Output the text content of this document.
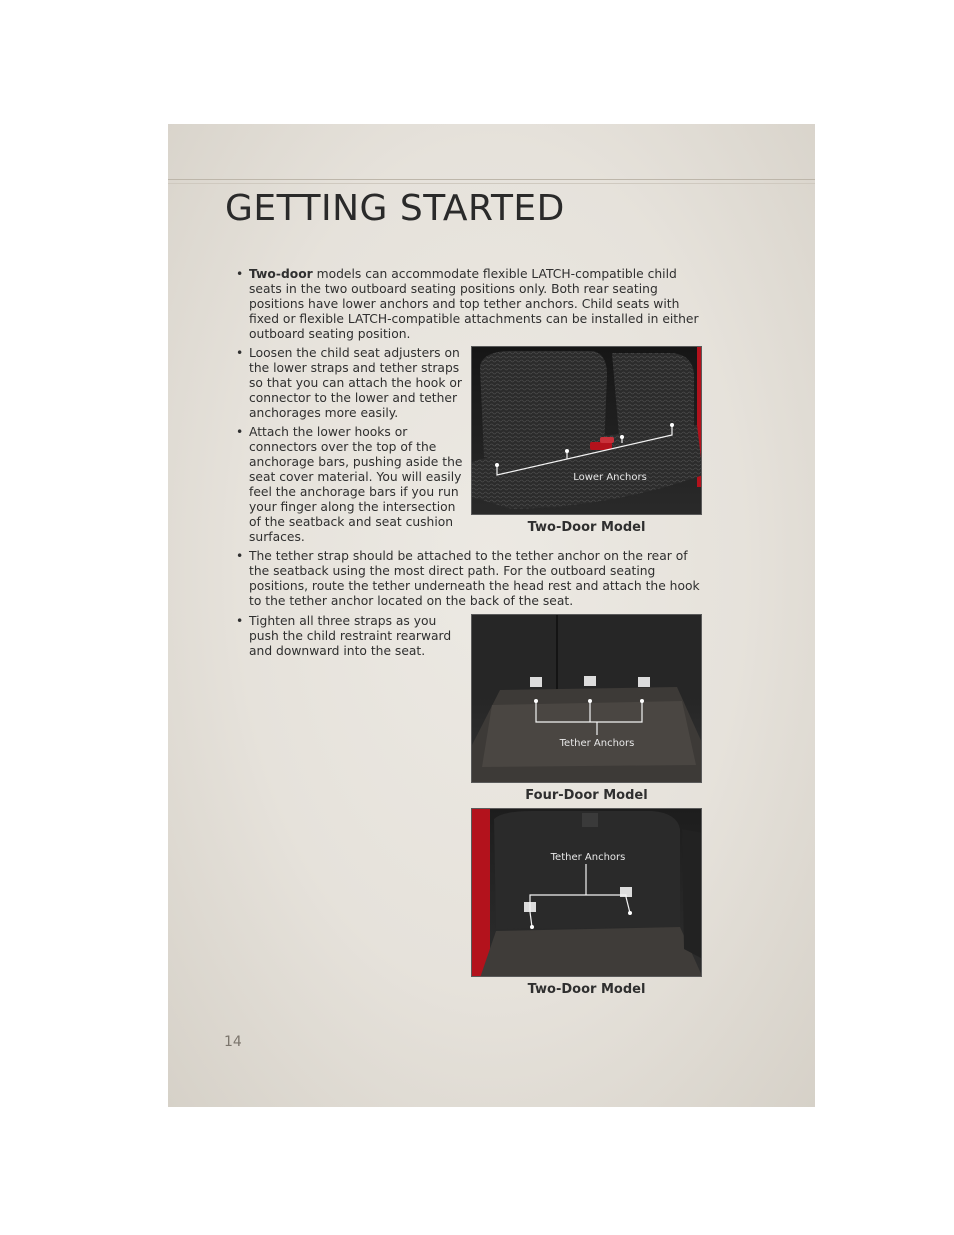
GETTING STARTED
• Two-door models can accommodate flexible LATCH-compatible child
seats in the two outboard seating positions only. Both rear seating
positions have lower anchors and top tether anchors. Child seats with
fixed or flexible LATCH-compatible attachments can be installed in either
outboard seating position.
• Loosen the child seat adjusters on
the lower straps and tether straps
so that you can attach the hook or
connector to the lower and tether
anchorages more easily.
• Attach the lower hooks or
connectors over the top of the
anchorage bars, pushing aside the
seat cover material. You will easily
feel the anchorage bars if you run
your finger along the intersection
of the seatback and seat cushion
surfaces.
• The tether strap should be attached to the tether anchor on the rear of
the seatback using the most direct path. For the outboard seating
positions, route the tether underneath the head rest and attach the hook
to the tether anchor located on the back of the seat.
• Tighten all three straps as you
push the child restraint rearward
and downward into the seat.
Lower Anchors
Two-Door Model
Tether Anchors
Four-Door Model
Tether Anchors
Two-Door Model
14
